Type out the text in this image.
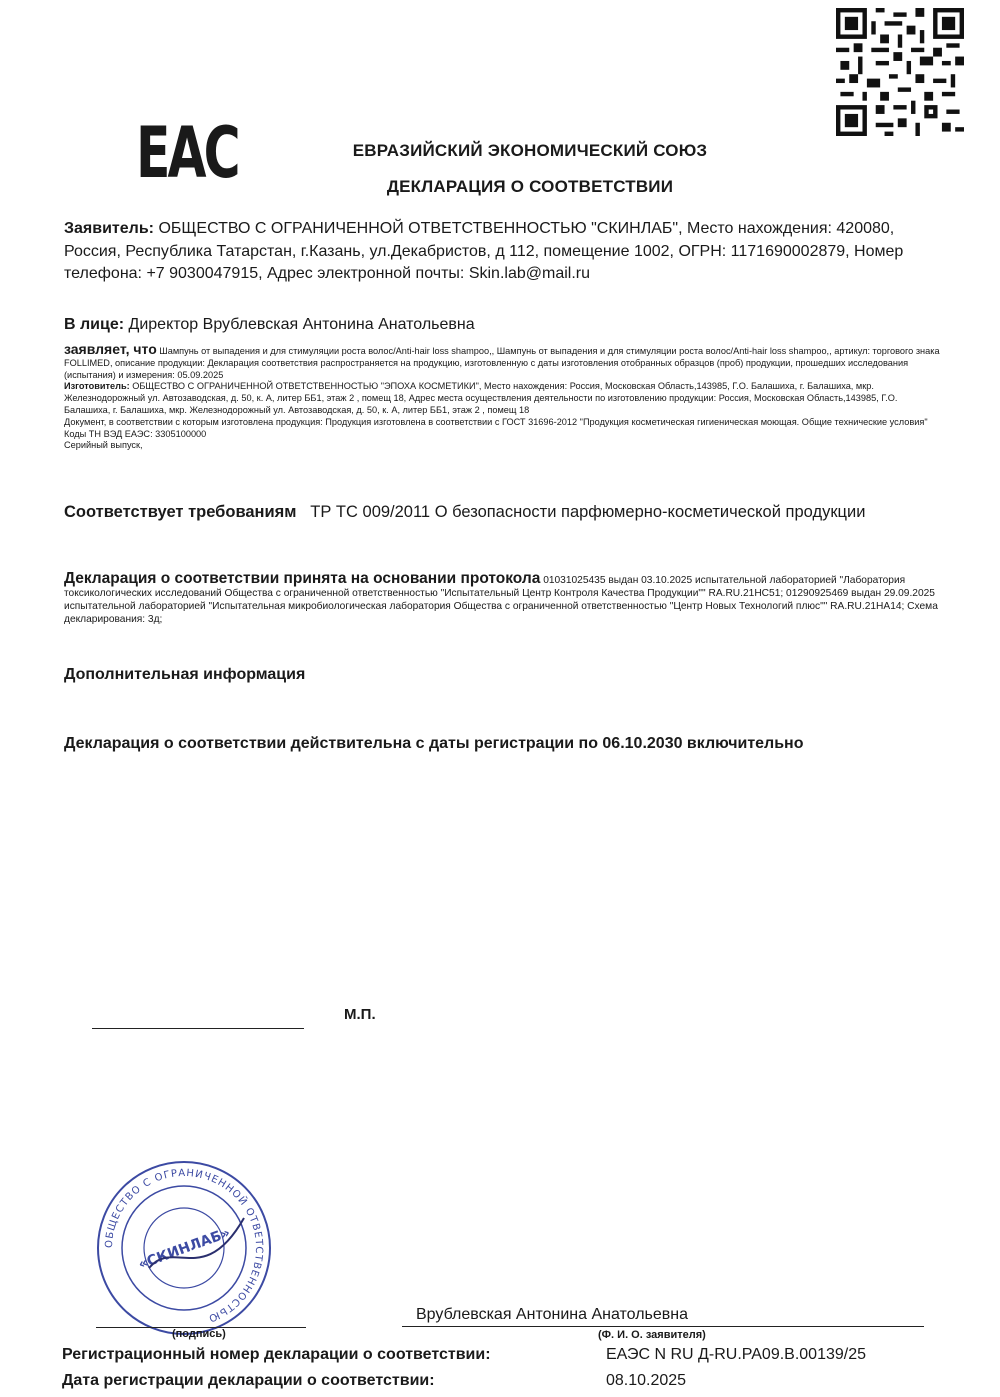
ЕАС	ЕВРАЗИЙСКИЙ ЭКОНОМИЧЕСКИЙ СОЮЗ
ДЕКЛАРАЦИЯ О СООТВЕТСТВИИ
Заявитель: ОБЩЕСТВО С ОГРАНИЧЕННОЙ ОТВЕТСТВЕННОСТЬЮ "СКИНЛАБ", Место нахождения: 420080, Россия, Республика Татарстан, г.Казань, ул.Декабристов, д 112, помещение 1002, ОГРН: 1171690002879, Номер телефона: +7 9030047915, Адрес электронной почты: Skin.lab@mail.ru
В лице: Директор Врублевская Антонина Анатольевна
заявляет, что Шампунь от выпадения и для стимуляции роста волос/Anti-hair loss shampoo,, Шампунь от выпадения и для стимуляции роста волос/Anti-hair loss shampoo,, артикул: торгового знака FOLLIMED, описание продукции: Декларация соответствия распространяется на продукцию, изготовленную с даты изготовления отобранных образцов (проб) продукции, прошедших исследования (испытания) и измерения: 05.09.2025
Изготовитель: ОБЩЕСТВО С ОГРАНИЧЕННОЙ ОТВЕТСТВЕННОСТЬЮ "ЭПОХА КОСМЕТИКИ", Место нахождения: Россия, Московская Область,143985, Г.О. Балашиха, г. Балашиха, мкр. Железнодорожный ул. Автозаводская, д. 50, к. А, литер ББ1, этаж 2 , помещ 18, Адрес места осуществления деятельности по изготовлению продукции: Россия, Московская Область,143985, Г.О. Балашиха, г. Балашиха, мкр. Железнодорожный ул. Автозаводская, д. 50, к. А, литер ББ1, этаж 2 , помещ 18
Документ, в соответствии с которым изготовлена продукция: Продукция изготовлена в соответствии с ГОСТ 31696-2012 "Продукция косметическая гигиеническая моющая. Общие технические условия"
Коды ТН ВЭД ЕАЭС: 3305100000
Серийный выпуск,
Соответствует требованиям ТР ТС 009/2011 О безопасности парфюмерно-косметической продукции
Декларация о соответствии принята на основании протокола 01031025435 выдан 03.10.2025 испытательной лабораторией "Лаборатория токсикологических исследований Общества с ограниченной ответственностью "Испытательный Центр Контроля Качества Продукции"" RA.RU.21HC51; 01290925469 выдан 29.09.2025 испытательной лабораторией "Испытательная микробиологическая лаборатория Общества с ограниченной ответственностью "Центр Новых Технологий плюс"" RA.RU.21HA14; Схема декларирования: 3д;
Дополнительная информация
Декларация о соответствии действительна с даты регистрации по 06.10.2030 включительно
ОБЩЕСТВО С ОГРАНИЧЕННОЙ ОТВЕТСТВЕННОСТЬЮ
«СКИНЛАБ»
М.П.
(подпись)
Врублевская Антонина Анатольевна
(Ф. И. О. заявителя)
Регистрационный номер декларации о соответствии:	ЕАЭС N RU Д-RU.PA09.B.00139/25
Дата регистрации декларации о соответствии:	08.10.2025
